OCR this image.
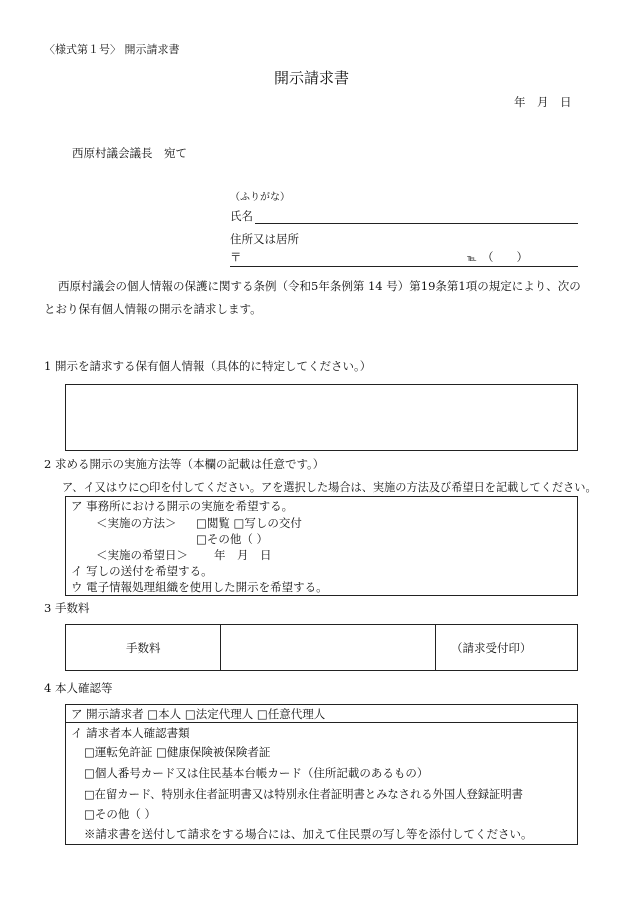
〈様式第１号〉 開示請求書
開示請求書
年　月　日
西原村議会議長　宛て
（ふりがな）
氏名
住所又は居所
〒	℡ （　　）
西原村議会の個人情報の保護に関する条例（令和5年条例第 14 号）第19条第1項の規定により、次の
とおり保有個人情報の開示を請求します。
1 開示を請求する保有個人情報（具体的に特定してください。）
2 求める開示の実施方法等（本欄の記載は任意です。）
ア、イ又はウに○印を付してください。アを選択した場合は、実施の方法及び希望日を記載してください。
ア 事務所における開示の実施を希望する。
＜実施の方法＞ □閲覧 □写しの交付
□その他（ ）
＜実施の希望日＞ 年　月　日
イ 写しの送付を希望する。
ウ 電子情報処理組織を使用した開示を希望する。
3 手数料
手数料	（請求受付印）
4 本人確認等
ア 開示請求者 □本人 □法定代理人 □任意代理人
イ 請求者本人確認書類
□運転免許証 □健康保険被保険者証
□個人番号カード又は住民基本台帳カード（住所記載のあるもの）
□在留カード、特別永住者証明書又は特別永住者証明書とみなされる外国人登録証明書
□その他（ ）
※請求書を送付して請求をする場合には、加えて住民票の写し等を添付してください。
